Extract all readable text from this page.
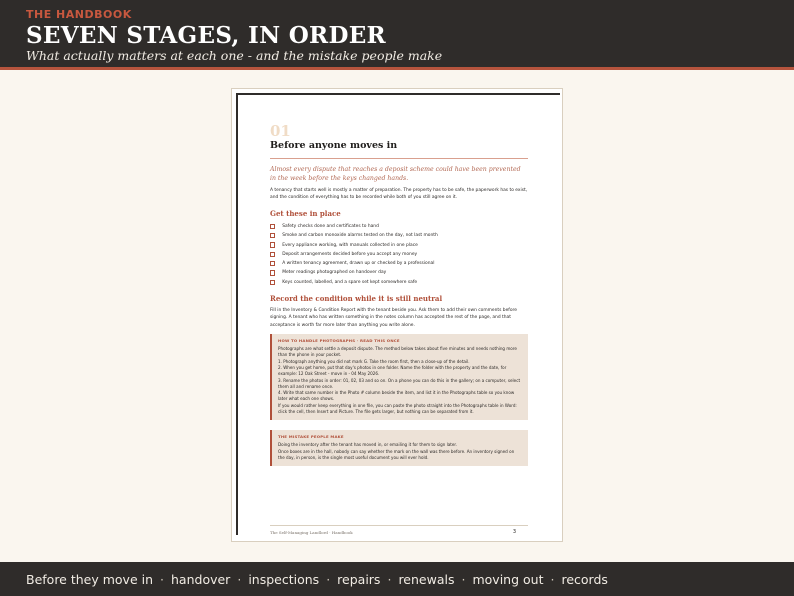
THE HANDBOOK
SEVEN STAGES, IN ORDER
What actually matters at each one - and the mistake people make
01
Before anyone moves in
Almost every dispute that reaches a deposit scheme could have been prevented in the week before the keys changed hands.
A tenancy that starts well is mostly a matter of preparation. The property has to be safe, the paperwork has to exist, and the condition of everything has to be recorded while both of you still agree on it.
Get these in place
Safety checks done and certificates to hand
Smoke and carbon monoxide alarms tested on the day, not last month
Every appliance working, with manuals collected in one place
Deposit arrangements decided before you accept any money
A written tenancy agreement, drawn up or checked by a professional
Meter readings photographed on handover day
Keys counted, labelled, and a spare set kept somewhere safe
Record the condition while it is still neutral
Fill in the Inventory & Condition Report with the tenant beside you. Ask them to add their own comments before signing. A tenant who has written something in the notes column has accepted the rest of the page, and that acceptance is worth far more later than anything you write alone.
HOW TO HANDLE PHOTOGRAPHS · READ THIS ONCE

Photographs are what settle a deposit dispute. The method below takes about five minutes and needs nothing more than the phone in your pocket.

1. Photograph anything you did not mark G. Take the room first, then a close-up of the detail.

2. When you get home, put that day's photos in one folder. Name the folder with the property and the date, for example: 12 Oak Street - move in - 04 May 2026.

3. Rename the photos in order: 01, 02, 03 and so on. On a phone you can do this in the gallery; on a computer, select them all and rename once.

4. Write that same number in the Photo # column beside the item, and list it in the Photographs table so you know later what each one shows.

If you would rather keep everything in one file, you can paste the photo straight into the Photographs table in Word: click the cell, then Insert and Picture. The file gets larger, but nothing can be separated from it.

THE MISTAKE PEOPLE MAKE

Doing the inventory after the tenant has moved in, or emailing it for them to sign later.

Once boxes are in the hall, nobody can say whether the mark on the wall was there before. An inventory signed on the day, in person, is the single most useful document you will ever hold.

The Self-Managing Landlord · Handbook	3
Before they move in · handover · inspections · repairs · renewals · moving out · records
